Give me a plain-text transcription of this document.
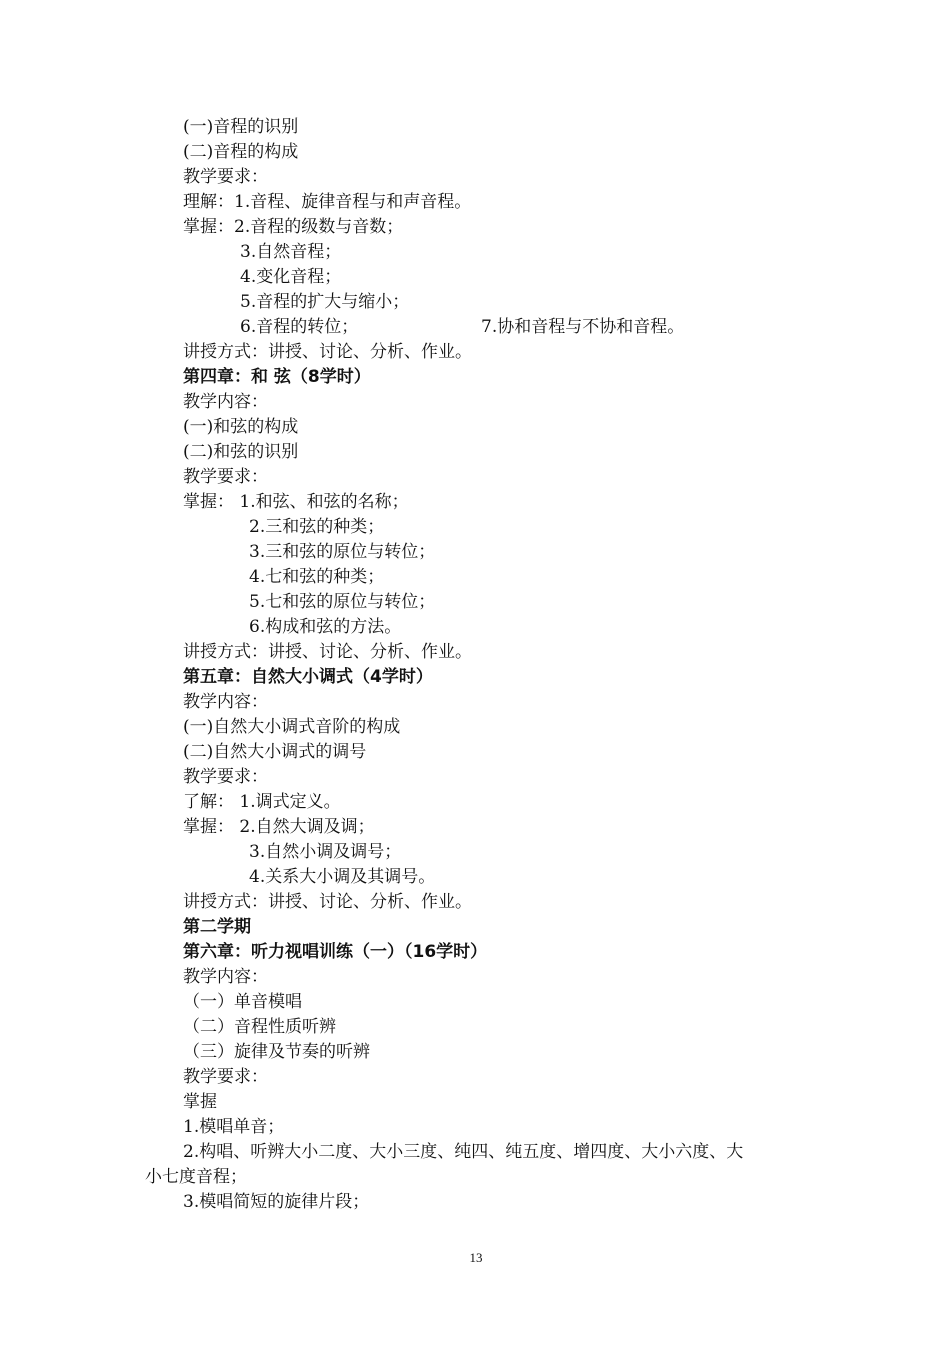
(一)音程的识别
(二)音程的构成
教学要求：
理解：1.音程、旋律音程与和声音程。
掌握：2.音程的级数与音数；
3.自然音程；
4.变化音程；
5.音程的扩大与缩小；
6.音程的转位；	7.协和音程与不协和音程。
讲授方式：讲授、讨论、分析、作业。
第四章：和 弦（8学时）
教学内容：
(一)和弦的构成
(二)和弦的识别
教学要求：
掌握： 1.和弦、和弦的名称；
2.三和弦的种类；
3.三和弦的原位与转位；
4.七和弦的种类；
5.七和弦的原位与转位；
6.构成和弦的方法。
讲授方式：讲授、讨论、分析、作业。
第五章：自然大小调式（4学时）
教学内容：
(一)自然大小调式音阶的构成
(二)自然大小调式的调号
教学要求：
了解： 1.调式定义。
掌握： 2.自然大调及调；
3.自然小调及调号；
4.关系大小调及其调号。
讲授方式：讲授、讨论、分析、作业。
第二学期
第六章：听力视唱训练（一）（16学时）
教学内容：
（一）单音模唱
（二）音程性质听辨
（三）旋律及节奏的听辨
教学要求：
掌握
1.模唱单音；
2.构唱、听辨大小二度、大小三度、纯四、纯五度、增四度、大小六度、大
小七度音程；
3.模唱简短的旋律片段；
13
